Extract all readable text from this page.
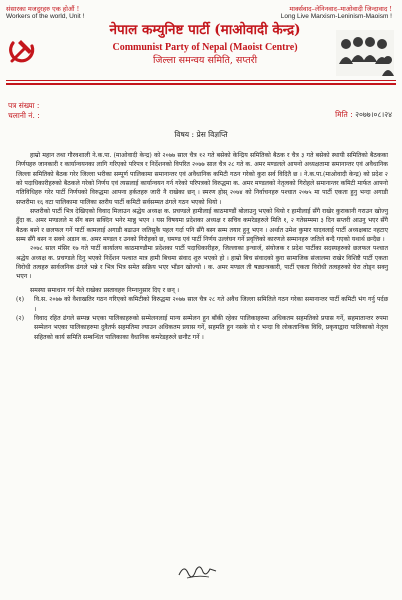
संसारका मजदुरहरु एक होऔं !
Workers of the world, Unit !
मार्क्सवाद–लेनिनवाद–माओवादी जिन्दावाद !
Long Live Marxism-Leninism-Maoism !
नेपाल कम्युनिष्ट पार्टी (माओवादी केन्द्र)
Communist Party of Nepal (Maoist Centre)
जिल्ला समन्वय समिति, सप्तरी
पत्र संख्या :
चलानी नं. :	मिति : २०७७।०८।२४
विषय : प्रेस विज्ञप्ति

हाम्रो महान तथा गौरवशाली ने.क.पा. (माओवादी केन्द्र) को २०७७ साल चैत्र १२ गते बसेको केन्द्रिय समितिको बैठक र चैत्र ३ गते बसेको स्थायी समितिको बैठकका निर्णयहरु जानकारी र कार्यान्वयनका लागि गरिएको परिपत्र र निर्देशनको विपरित २०७७ साल चैत्र २८ गते क. अमर मण्डलले आफ्नो अध्यक्षतामा समानान्तर एवं अवैधानिक जिल्ला समितिको बैठक गरेर जिल्ला भरीका सम्पूर्ण पालिकामा समानान्तर एवं अवैधानिक कमिटी गठन गरेको कुरा सर्व विदितै छ । ने.क.पा.(माओवादी केन्द्र) को प्रदेश २ को पदाधिकारीहरुको बैठकले गरेको निर्णय एवं त्यसलाई कार्यान्वयन गर्न गरेको परिपत्रको विरुद्धमा क. अमर मण्डलको नेतृत्वको गिरोहले समानान्तर कमिटी मार्फत आफ्नो गतिविधिहरु गरेर पार्टी निर्णयको विरुद्धमा आफ्ना हर्कतहरु जारी नै राखेका छन् । स्मरण होस् २०७४ को निर्वाचनहरु पश्चात २०७५ मा पार्टी एकता हुनु भन्दा अगाडी सप्तरीमा १६ वटा पालिकामा पालिका स्तरीय पार्टी कमिटी सर्वसम्मत ढंगले गठन भएको थियो ।

सप्तरीको पार्टी भित्र देखिएको विवाद मिलाउन श्रद्धेय अध्यक्ष क. प्रचण्डले हामीलाई काठमाण्डौं बोलाउनु भएको थियो र हामीलाई सँगै राखेर कुराकानी गराउन खोज्नु हुँदा क. अमर मण्डलले म सँग बस्न सक्दिन भनेर मान्नु भएन । यस विषयमा प्रदेशका अध्यक्ष र सचिव कमरेडहरुले मिति १, २ गतेसम्ममा ३ दिन सप्तरी आउनु भएर सँगै बैठक बस्ने र छलफल गर्ने पार्टी कामलाई अगाडी बढाउन जतिसुकै पहल गर्दा पनि सँगै बस्न सम्म तयार हुनु भएन । अर्थात उमेश कुमार यादवलाई पार्टी अध्यक्षबाट नहटाए सम्म सँगै बस्न न सक्ने अडान क. अमर मण्डल र उनको गिरोहको छ, घमण्ड एवं पार्टी निर्णय उल्लंघन गर्ने प्रवृत्तिको कारणले सम्मानहरु जतिले बन्दै गएको यथार्थ छन्दैछ ।

२०७८ साल मंसिर १७ गते पार्टी कार्यालय काठमाण्डौमा प्रदेशका पार्टी पदाधिकारीहरु, जिल्लाका इन्चार्ज, संयोजक र प्रदेश पार्टीका सदस्यहरुको छलफल पश्चात श्रद्धेय अध्यक्ष क. प्रचण्डले दिनु भएको निर्देशन पश्चात मात्र हामी बिचमा संवाद शुरु भएको हो । हाम्रो बिच संवादको कुरा सामाजिक संजालमा राखेर विशिष्टै पार्टी एकता विरोधी तत्वहरु सार्वजनिक ढंगले भन्ने र भित्र भित्र समेत सक्रिय भएर भाँडन खोज्यो । क. अमर मण्डल ती षड्यन्त्रकारी, पार्टी एकता विरोधी तत्वहरुको घेरा तोड्न सक्नु भएन ।

समस्या समाधान गर्न मैले राखेका प्रस्तावहरु निम्नानुसार दिए र छन् ।

(१)	वि.स. २०७७ को वैशाखतिर गठन गरिएको कमिटीको विरुद्धमा २०७७ साल चैत्र २८ गते अवैध जिल्ला समितिले गठन गरेका समानान्तर पार्टी कमिटी भंग गर्नु पर्दछ ।
(२)	विवाद रहित ढंगले सम्पन्न भएका पालिकाहरुको सम्मेलनलाई मान्य सम्मेलन हुन बाँकी रहेका पालिकाहरुमा अधिकतम सहमतिको प्रयास गर्ने, सहमातान्तर रुपमा सम्मेलन भएका पालिकाहरुमा दुवैतर्फ सहमतिमा ल्याउन अधिकतम प्रयास गर्ने, सहमति हुन नसके यो र भन्दा वि लोकतान्त्रिक विधि, प्रकृयाद्वारा पालिकाको नेतृत्व सहितको कार्य समिति सम्बन्धित पालिकाका वैधानिक कमरेडहरुले छनौट गर्ने ।
